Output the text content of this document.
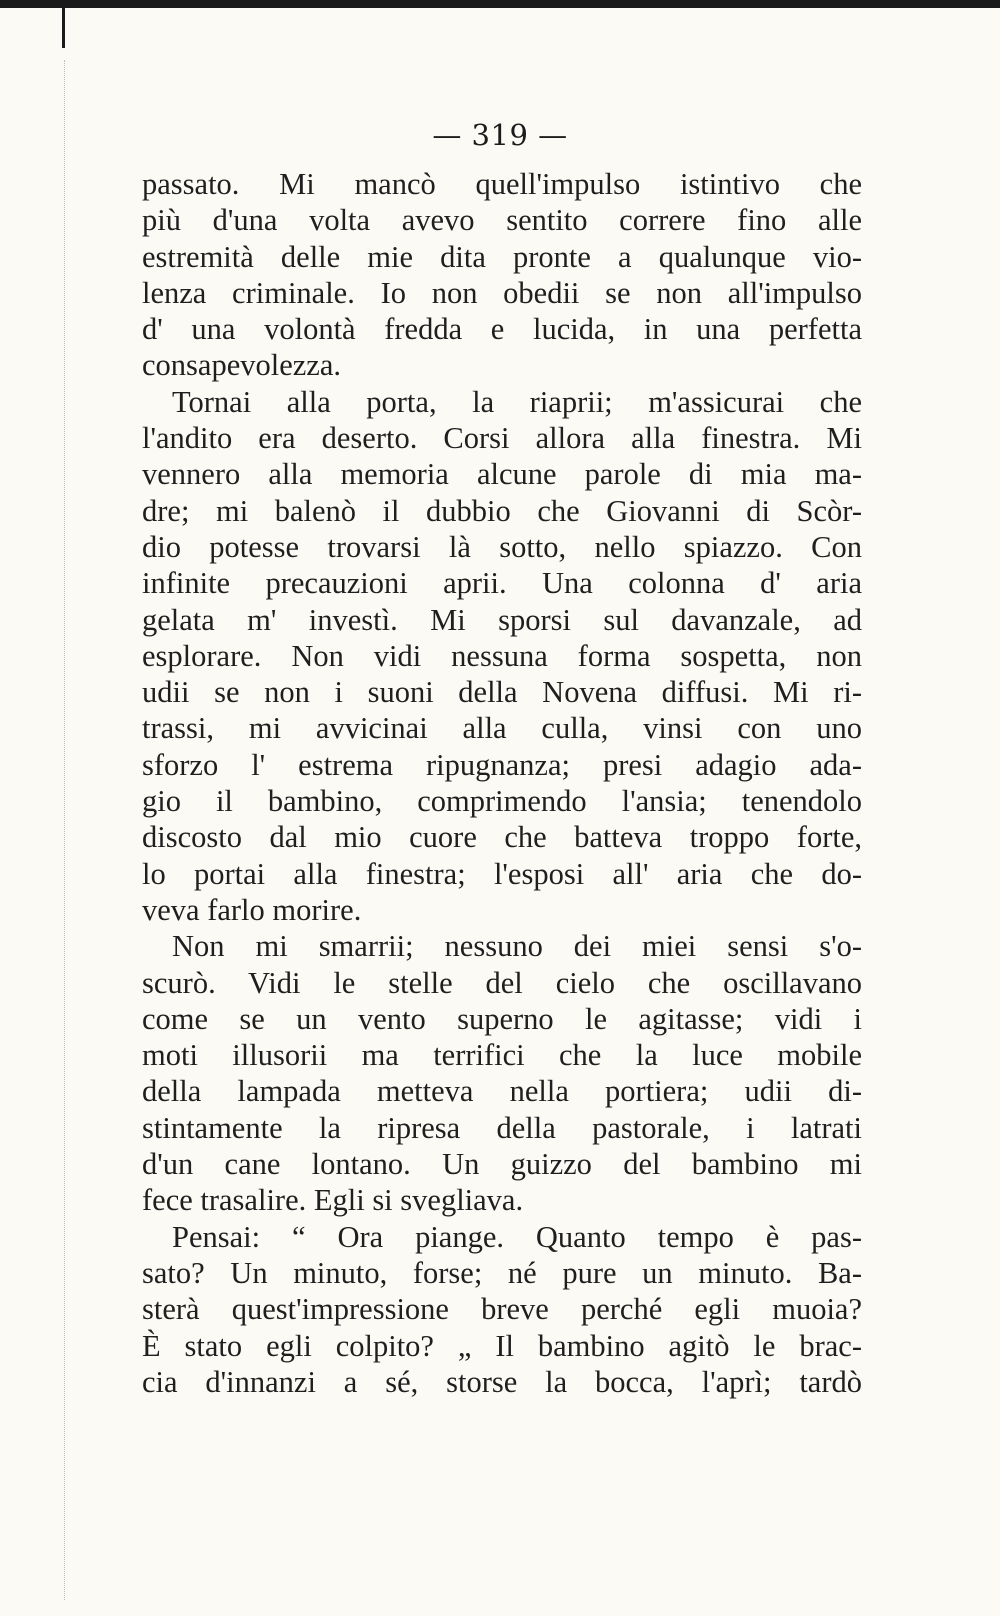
— 319 —
passato. Mi mancò quell'impulso istintivo che
più d'una volta avevo sentito correre fino alle
estremità delle mie dita pronte a qualunque vio-
lenza criminale. Io non obedii se non all'impulso
d' una volontà fredda e lucida, in una perfetta
consapevolezza.
Tornai alla porta, la riaprii; m'assicurai che
l'andito era deserto. Corsi allora alla finestra. Mi
vennero alla memoria alcune parole di mia ma-
dre; mi balenò il dubbio che Giovanni di Scòr-
dio potesse trovarsi là sotto, nello spiazzo. Con
infinite precauzioni aprii. Una colonna d' aria
gelata m' investì. Mi sporsi sul davanzale, ad
esplorare. Non vidi nessuna forma sospetta, non
udii se non i suoni della Novena diffusi. Mi ri-
trassi, mi avvicinai alla culla, vinsi con uno
sforzo l' estrema ripugnanza; presi adagio ada-
gio il bambino, comprimendo l'ansia; tenendolo
discosto dal mio cuore che batteva troppo forte,
lo portai alla finestra; l'esposi all' aria che do-
veva farlo morire.
Non mi smarrii; nessuno dei miei sensi s'o-
scurò. Vidi le stelle del cielo che oscillavano
come se un vento superno le agitasse; vidi i
moti illusorii ma terrifici che la luce mobile
della lampada metteva nella portiera; udii di-
stintamente la ripresa della pastorale, i latrati
d'un cane lontano. Un guizzo del bambino mi
fece trasalire. Egli si svegliava.
Pensai: “ Ora piange. Quanto tempo è pas-
sato? Un minuto, forse; né pure un minuto. Ba-
sterà quest'impressione breve perché egli muoia?
È stato egli colpito? „ Il bambino agitò le brac-
cia d'innanzi a sé, storse la bocca, l'aprì; tardò
